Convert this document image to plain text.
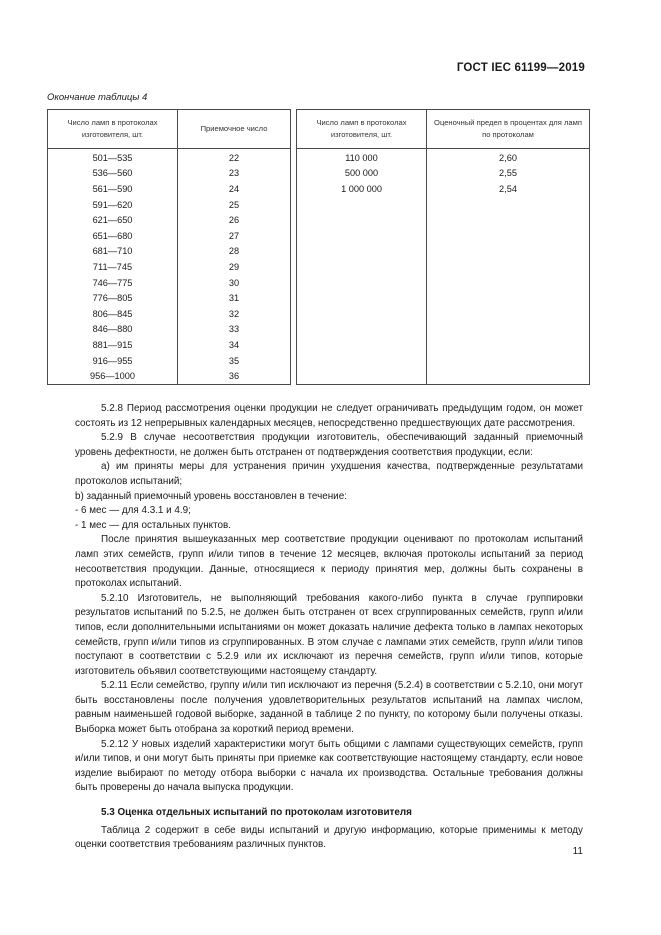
ГОСТ IEC 61199—2019
Окончание таблицы 4
Число ламп в протоколах изготовителя, шт.	Приемочное число
501—535	22
536—560	23
561—590	24
591—620	25
621—650	26
651—680	27
681—710	28
711—745	29
746—775	30
776—805	31
806—845	32
846—880	33
881—915	34
916—955	35
956—1000	36
Число ламп в протоколах изготовителя, шт.	Оценочный предел в процентах для ламп по протоколам
110 000	2,60
500 000	2,55
1 000 000	2,54

5.2.8 Период рассмотрения оценки продукции не следует ограничивать предыдущим годом, он может состоять из 12 непрерывных календарных месяцев, непосредственно предшествующих дате рассмотрения.

5.2.9 В случае несоответствия продукции изготовитель, обеспечивающий заданный приемочный уровень дефектности, не должен быть отстранен от подтверждения соответствия продукции, если:

a) им приняты меры для устранения причин ухудшения качества, подтвержденные результатами протоколов испытаний;

b) заданный приемочный уровень восстановлен в течение:

- 6 мес — для 4.3.1 и 4.9;

- 1 мес — для остальных пунктов.

После принятия вышеуказанных мер соответствие продукции оценивают по протоколам испытаний ламп этих семейств, групп и/или типов в течение 12 месяцев, включая протоколы испытаний за период несоответствия продукции. Данные, относящиеся к периоду принятия мер, должны быть сохранены в протоколах испытаний.

5.2.10 Изготовитель, не выполняющий требования какого-либо пункта в случае группировки результатов испытаний по 5.2.5, не должен быть отстранен от всех сгруппированных семейств, групп и/или типов, если дополнительными испытаниями он может доказать наличие дефекта только в лампах некоторых семейств, групп и/или типов из сгруппированных. В этом случае с лампами этих семейств, групп и/или типов поступают в соответствии с 5.2.9 или их исключают из перечня семейств, групп и/или типов, которые изготовитель объявил соответствующими настоящему стандарту.

5.2.11 Если семейство, группу и/или тип исключают из перечня (5.2.4) в соответствии с 5.2.10, они могут быть восстановлены после получения удовлетворительных результатов испытаний на лампах числом, равным наименьшей годовой выборке, заданной в таблице 2 по пункту, по которому были получены отказы. Выборка может быть отобрана за короткий период времени.

5.2.12 У новых изделий характеристики могут быть общими с лампами существующих семейств, групп и/или типов, и они могут быть приняты при приемке как соответствующие настоящему стандарту, если новое изделие выбирают по методу отбора выборки с начала их производства. Остальные требования должны быть проверены до начала выпуска продукции.

5.3 Оценка отдельных испытаний по протоколам изготовителя

Таблица 2 содержит в себе виды испытаний и другую информацию, которые применимы к методу оценки соответствия требованиям различных пунктов.

11
